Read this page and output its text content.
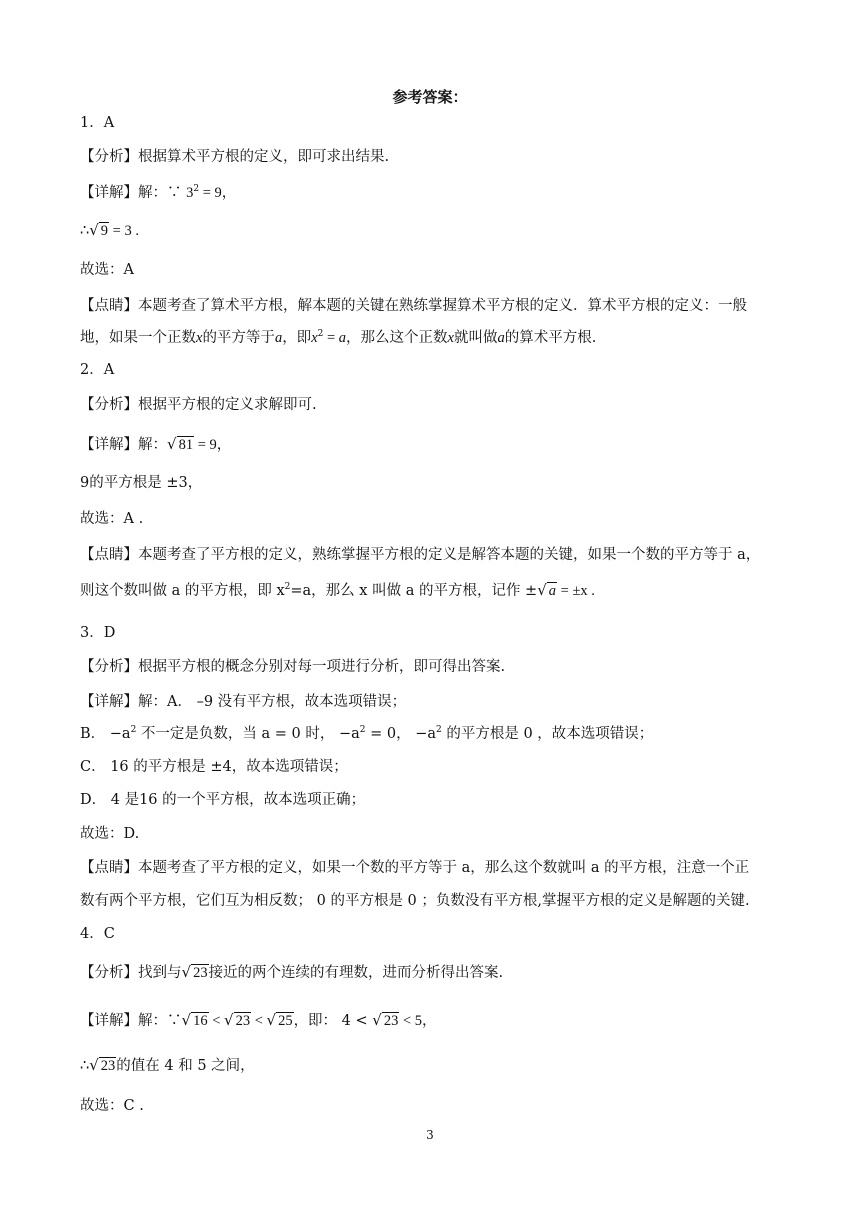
参考答案：
1．A
【分析】根据算术平方根的定义，即可求出结果.
【详解】解：∵ $3^2 = 9$，
∴√ 9 = 3 .
故选：A
【点睛】本题考查了算术平方根，解本题的关键在熟练掌握算术平方根的定义．算术平方根的定义：一般
地，如果一个正数x的平方等于a，即$x^2 = a$，那么这个正数x就叫做a的算术平方根.
2．A
【分析】根据平方根的定义求解即可.
【详解】解：√ 81 = 9，
9的平方根是 ±3，
故选：A .
【点睛】本题考查了平方根的定义，熟练掌握平方根的定义是解答本题的关键，如果一个数的平方等于 a，
则这个数叫做 a 的平方根，即 $x^2=a$，那么 x 叫做 a 的平方根，记作 ±√ a = ±x .
3．D
【分析】根据平方根的概念分别对每一项进行分析，即可得出答案.
【详解】解：A． –9 没有平方根，故本选项错误；
B． $-a^2$ 不一定是负数，当 a = 0 时， $-a^2 = 0$， $-a^2$ 的平方根是 0 ，故本选项错误；
C． 16 的平方根是 ±4，故本选项错误；
D． 4 是16 的一个平方根，故本选项正确；
故选：D.
【点睛】本题考查了平方根的定义，如果一个数的平方等于 a，那么这个数就叫 a 的平方根，注意一个正
数有两个平方根，它们互为相反数； 0 的平方根是 0 ；负数没有平方根,掌握平方根的定义是解题的关键.
4．C
【分析】找到与√ 23接近的两个连续的有理数，进而分析得出答案.
【详解】解：∵√ 16 < √ 23 < √ 25，即： 4 < √ 23 < 5，
∴√ 23的值在 4 和 5 之间，
故选：C .
3
